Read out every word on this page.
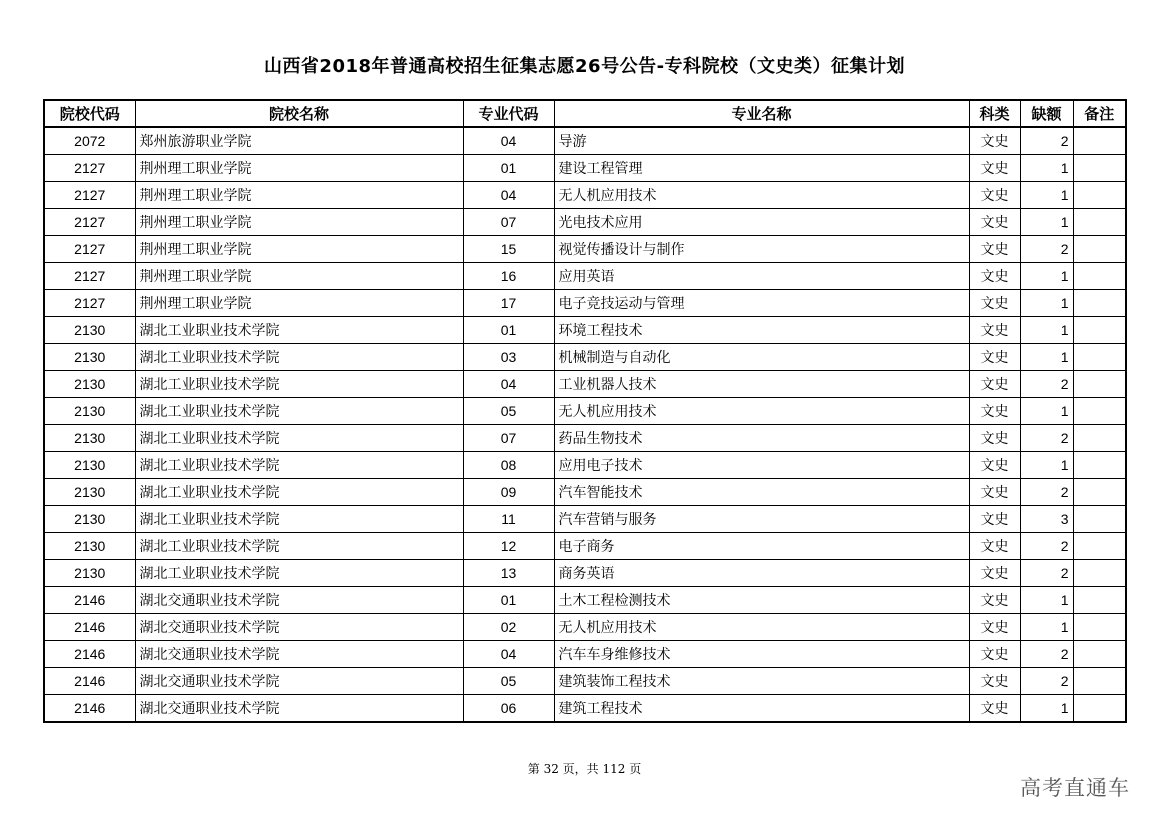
山西省2018年普通高校招生征集志愿26号公告-专科院校（文史类）征集计划
院校代码	院校名称	专业代码	专业名称	科类	缺额	备注
2072	郑州旅游职业学院	04	导游	文史	2	
2127	荆州理工职业学院	01	建设工程管理	文史	1	
2127	荆州理工职业学院	04	无人机应用技术	文史	1	
2127	荆州理工职业学院	07	光电技术应用	文史	1	
2127	荆州理工职业学院	15	视觉传播设计与制作	文史	2	
2127	荆州理工职业学院	16	应用英语	文史	1	
2127	荆州理工职业学院	17	电子竞技运动与管理	文史	1	
2130	湖北工业职业技术学院	01	环境工程技术	文史	1	
2130	湖北工业职业技术学院	03	机械制造与自动化	文史	1	
2130	湖北工业职业技术学院	04	工业机器人技术	文史	2	
2130	湖北工业职业技术学院	05	无人机应用技术	文史	1	
2130	湖北工业职业技术学院	07	药品生物技术	文史	2	
2130	湖北工业职业技术学院	08	应用电子技术	文史	1	
2130	湖北工业职业技术学院	09	汽车智能技术	文史	2	
2130	湖北工业职业技术学院	11	汽车营销与服务	文史	3	
2130	湖北工业职业技术学院	12	电子商务	文史	2	
2130	湖北工业职业技术学院	13	商务英语	文史	2	
2146	湖北交通职业技术学院	01	土木工程检测技术	文史	1	
2146	湖北交通职业技术学院	02	无人机应用技术	文史	1	
2146	湖北交通职业技术学院	04	汽车车身维修技术	文史	2	
2146	湖北交通职业技术学院	05	建筑装饰工程技术	文史	2	
2146	湖北交通职业技术学院	06	建筑工程技术	文史	1	
第 32 页，共 112 页
高考直通车
